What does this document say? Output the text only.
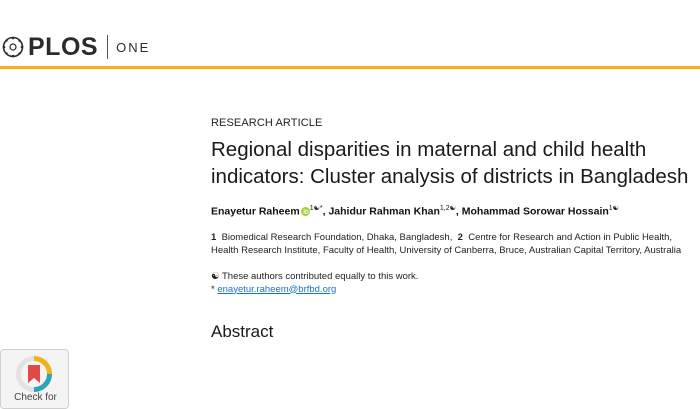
PLOS ONE

RESEARCH ARTICLE

Regional disparities in maternal and child health indicators: Cluster analysis of districts in Bangladesh
Enayetur Raheem $^{1☯*}$, Jahidur Rahman Khan$^{1,2☯}$, Mohammad Sorowar Hossain$^{1☯}$
1 Biomedical Research Foundation, Dhaka, Bangladesh, 2 Centre for Research and Action in Public Health, Health Research Institute, Faculty of Health, University of Canberra, Bruce, Australian Capital Territory, Australia
☯ These authors contributed equally to this work.
* enayetur.raheem@brfbd.org
Abstract
Check for
